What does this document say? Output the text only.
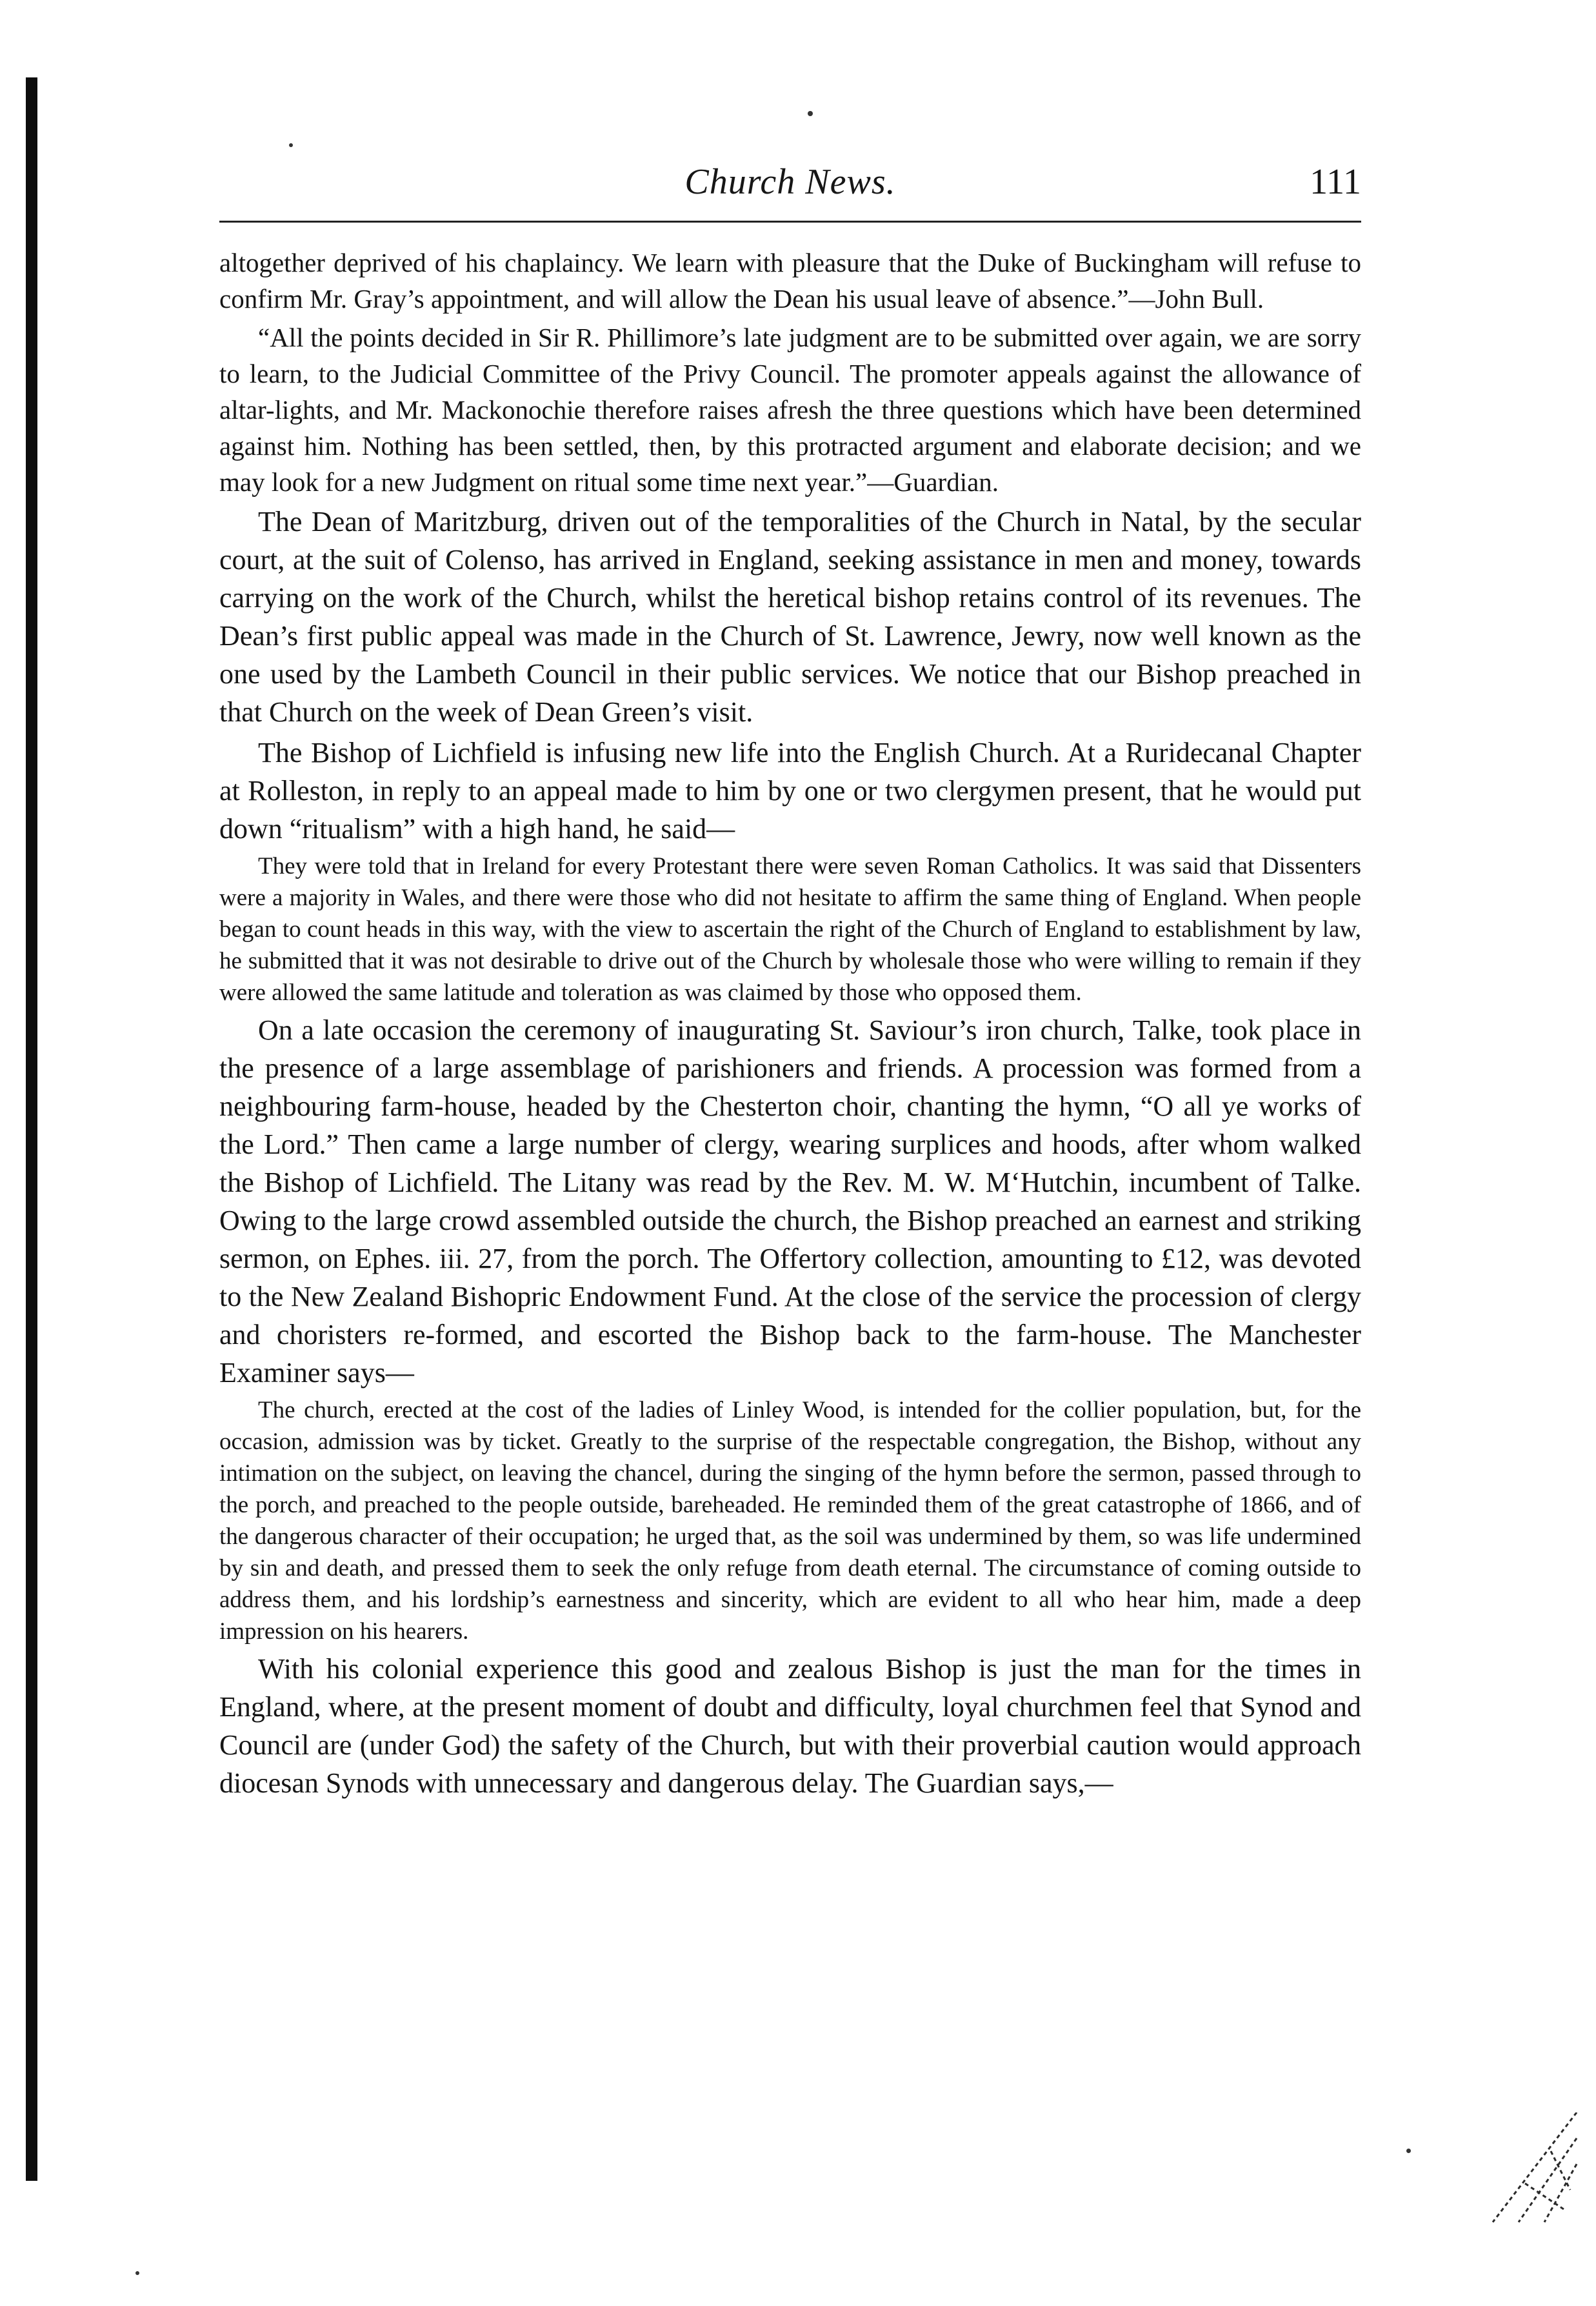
Church News.	111

altogether deprived of his chaplaincy. We learn with pleasure that the Duke of Buckingham will refuse to confirm Mr. Gray’s appointment, and will allow the Dean his usual leave of absence.”—John Bull.

“All the points decided in Sir R. Phillimore’s late judgment are to be submitted over again, we are sorry to learn, to the Judicial Committee of the Privy Council. The promoter appeals against the allowance of altar-lights, and Mr. Mackonochie therefore raises afresh the three questions which have been determined against him. Nothing has been settled, then, by this protracted argument and elaborate decision; and we may look for a new Judgment on ritual some time next year.”—Guardian.

The Dean of Maritzburg, driven out of the temporalities of the Church in Natal, by the secular court, at the suit of Colenso, has arrived in England, seeking assistance in men and money, towards carrying on the work of the Church, whilst the heretical bishop retains control of its revenues. The Dean’s first public appeal was made in the Church of St. Lawrence, Jewry, now well known as the one used by the Lambeth Council in their public services. We notice that our Bishop preached in that Church on the week of Dean Green’s visit.

The Bishop of Lichfield is infusing new life into the English Church. At a Ruridecanal Chapter at Rolleston, in reply to an appeal made to him by one or two clergymen present, that he would put down “ritualism” with a high hand, he said—

They were told that in Ireland for every Protestant there were seven Roman Catholics. It was said that Dissenters were a majority in Wales, and there were those who did not hesitate to affirm the same thing of England. When people began to count heads in this way, with the view to ascertain the right of the Church of England to establishment by law, he submitted that it was not desirable to drive out of the Church by wholesale those who were willing to remain if they were allowed the same latitude and toleration as was claimed by those who opposed them.

On a late occasion the ceremony of inaugurating St. Saviour’s iron church, Talke, took place in the presence of a large assemblage of parishioners and friends. A procession was formed from a neighbouring farm-house, headed by the Chesterton choir, chanting the hymn, “O all ye works of the Lord.” Then came a large number of clergy, wearing surplices and hoods, after whom walked the Bishop of Lichfield. The Litany was read by the Rev. M. W. M‘Hutchin, incumbent of Talke. Owing to the large crowd assembled outside the church, the Bishop preached an earnest and striking sermon, on Ephes. iii. 27, from the porch. The Offertory collection, amounting to £12, was devoted to the New Zealand Bishopric Endowment Fund. At the close of the service the procession of clergy and choristers re-formed, and escorted the Bishop back to the farm-house. The Manchester Examiner says—

The church, erected at the cost of the ladies of Linley Wood, is intended for the collier population, but, for the occasion, admission was by ticket. Greatly to the surprise of the respectable congregation, the Bishop, without any intimation on the subject, on leaving the chancel, during the singing of the hymn before the sermon, passed through to the porch, and preached to the people outside, bareheaded. He reminded them of the great catastrophe of 1866, and of the dangerous character of their occupation; he urged that, as the soil was undermined by them, so was life undermined by sin and death, and pressed them to seek the only refuge from death eternal. The circumstance of coming outside to address them, and his lordship’s earnestness and sincerity, which are evident to all who hear him, made a deep impression on his hearers.

With his colonial experience this good and zealous Bishop is just the man for the times in England, where, at the present moment of doubt and difficulty, loyal churchmen feel that Synod and Council are (under God) the safety of the Church, but with their proverbial caution would approach diocesan Synods with unnecessary and dangerous delay. The Guardian says,—
